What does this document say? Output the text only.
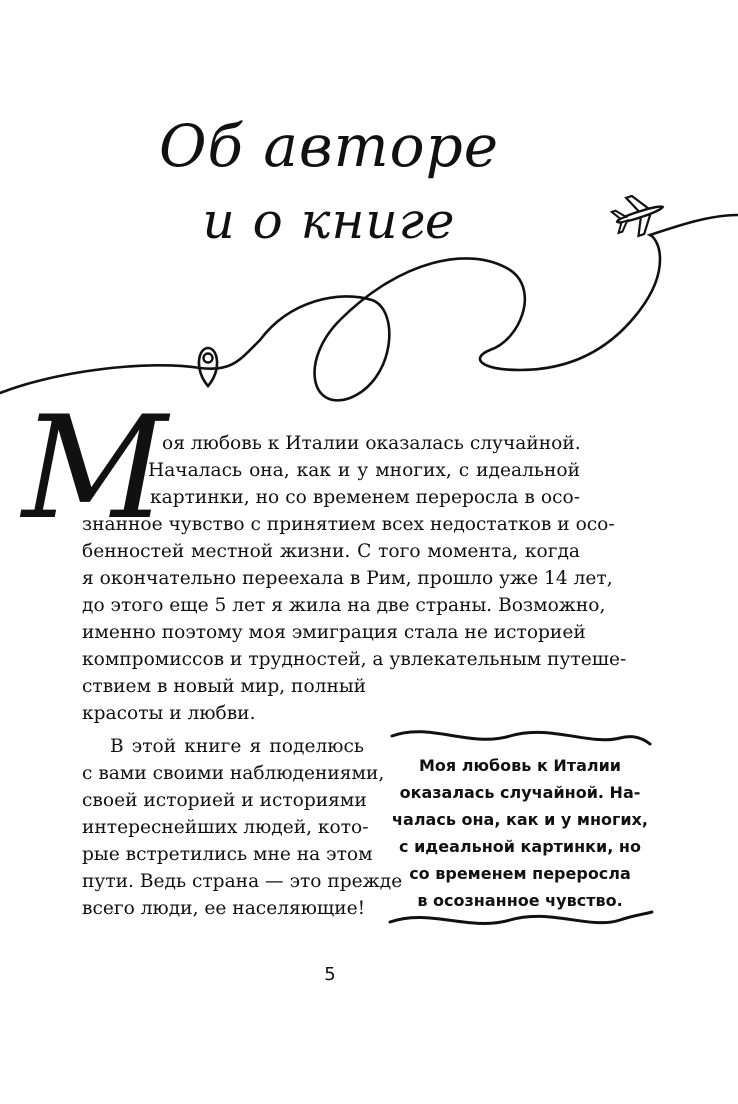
Об авторе
и о книге
М
оя любовь к Италии оказалась случайной.
Началась она, как и у многих, с идеальной
картинки, но со временем переросла в осо-
знанное чувство с принятием всех недостатков и осо-
бенностей местной жизни. С того момента, когда
я окончательно переехала в Рим, прошло уже 14 лет,
до этого еще 5 лет я жила на две страны. Возможно,
именно поэтому моя эмиграция стала не историей
компромиссов и трудностей, а увлекательным путеше-
ствием в новый мир, полный
красоты и любви.
В этой книге я поделюсь
с вами своими наблюдениями,
своей историей и историями
интереснейших людей, кото-
рые встретились мне на этом
пути. Ведь страна — это прежде
всего люди, ее населяющие!
Моя любовь к Италии
оказалась случайной. На-
чалась она, как и у многих,
с идеальной картинки, но
со временем переросла
в осознанное чувство.
5
